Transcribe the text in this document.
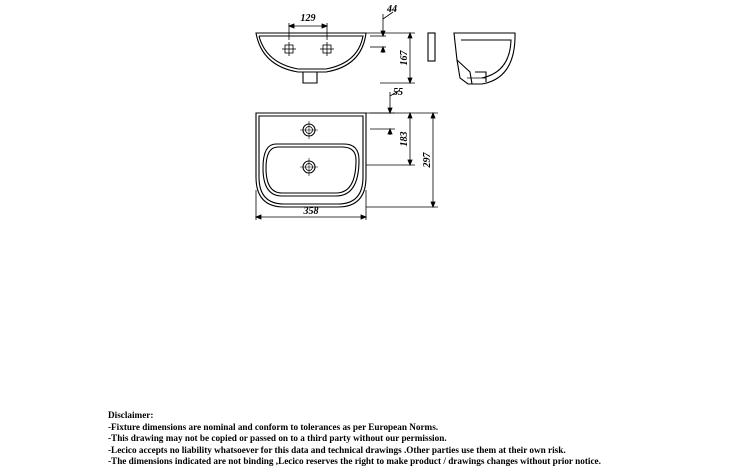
129
44
167
55
183
297
358
Disclaimer:
-Fixture dimensions are nominal and conform to tolerances as per European Norms.
-This drawing may not be copied or passed on to a third party without our permission.
-Lecico accepts no liability whatsoever for this data and technical drawings .Other parties use them at their own risk.
-The dimensions indicated are not binding ,Lecico reserves the right to make product / drawings changes without prior notice.
